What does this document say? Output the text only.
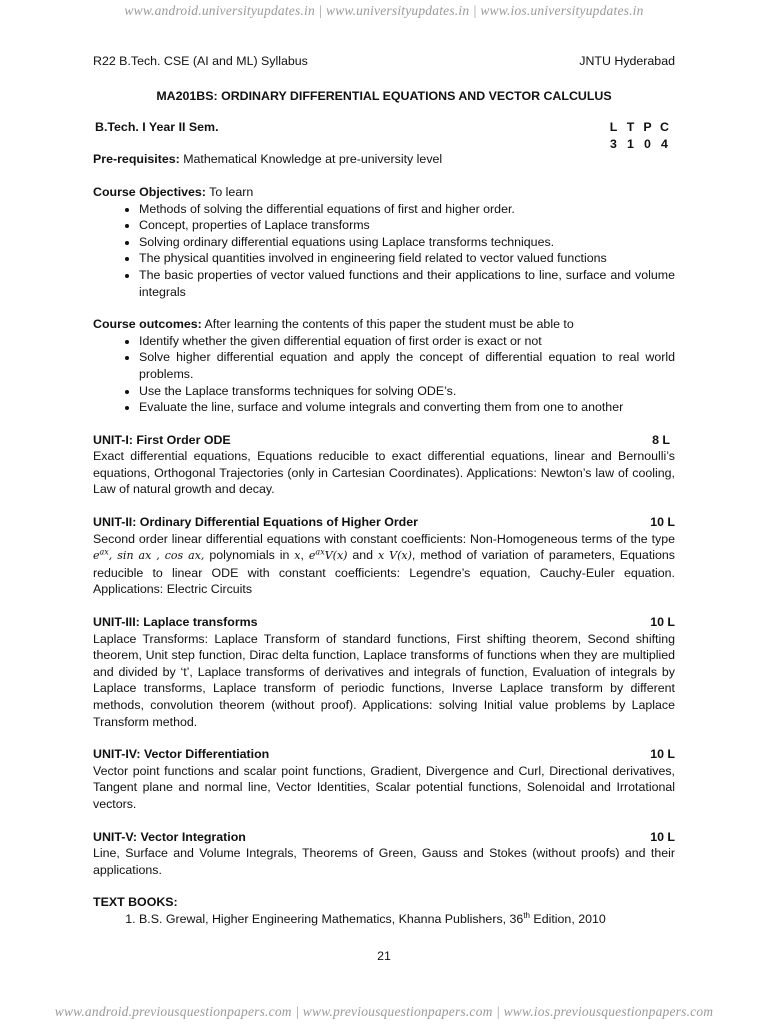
www.android.universityupdates.in | www.universityupdates.in | www.ios.universityupdates.in
R22 B.Tech. CSE (AI and ML) Syllabus	JNTU Hyderabad
MA201BS: ORDINARY DIFFERENTIAL EQUATIONS AND VECTOR CALCULUS
B.Tech. I Year II Sem.	L T P C
3 1 0 4
Pre-requisites: Mathematical Knowledge at pre-university level
Course Objectives: To learn
• Methods of solving the differential equations of first and higher order.
• Concept, properties of Laplace transforms
• Solving ordinary differential equations using Laplace transforms techniques.
• The physical quantities involved in engineering field related to vector valued functions
• The basic properties of vector valued functions and their applications to line, surface and volume integrals
Course outcomes: After learning the contents of this paper the student must be able to
• Identify whether the given differential equation of first order is exact or not
• Solve higher differential equation and apply the concept of differential equation to real world problems.
• Use the Laplace transforms techniques for solving ODE’s.
• Evaluate the line, surface and volume integrals and converting them from one to another
UNIT-I: First Order ODE	8 L
Exact differential equations, Equations reducible to exact differential equations, linear and Bernoulli’s equations, Orthogonal Trajectories (only in Cartesian Coordinates). Applications: Newton’s law of cooling, Law of natural growth and decay.
UNIT-II: Ordinary Differential Equations of Higher Order	10 L
Second order linear differential equations with constant coefficients: Non-Homogeneous terms of the type $e^{ax}$, sin ax , cos ax, polynomials in x, $e^{ax}V(x)$ and x V(x), method of variation of parameters, Equations reducible to linear ODE with constant coefficients: Legendre’s equation, Cauchy-Euler equation. Applications: Electric Circuits
UNIT-III: Laplace transforms	10 L
Laplace Transforms: Laplace Transform of standard functions, First shifting theorem, Second shifting theorem, Unit step function, Dirac delta function, Laplace transforms of functions when they are multiplied and divided by ‘t’, Laplace transforms of derivatives and integrals of function, Evaluation of integrals by Laplace transforms, Laplace transform of periodic functions, Inverse Laplace transform by different methods, convolution theorem (without proof). Applications: solving Initial value problems by Laplace Transform method.
UNIT-IV: Vector Differentiation	10 L
Vector point functions and scalar point functions, Gradient, Divergence and Curl, Directional derivatives, Tangent plane and normal line, Vector Identities, Scalar potential functions, Solenoidal and Irrotational vectors.
UNIT-V: Vector Integration	10 L
Line, Surface and Volume Integrals, Theorems of Green, Gauss and Stokes (without proofs) and their applications.
TEXT BOOKS:
1. B.S. Grewal, Higher Engineering Mathematics, Khanna Publishers, 36th Edition, 2010
21
www.android.previousquestionpapers.com | www.previousquestionpapers.com | www.ios.previousquestionpapers.com
